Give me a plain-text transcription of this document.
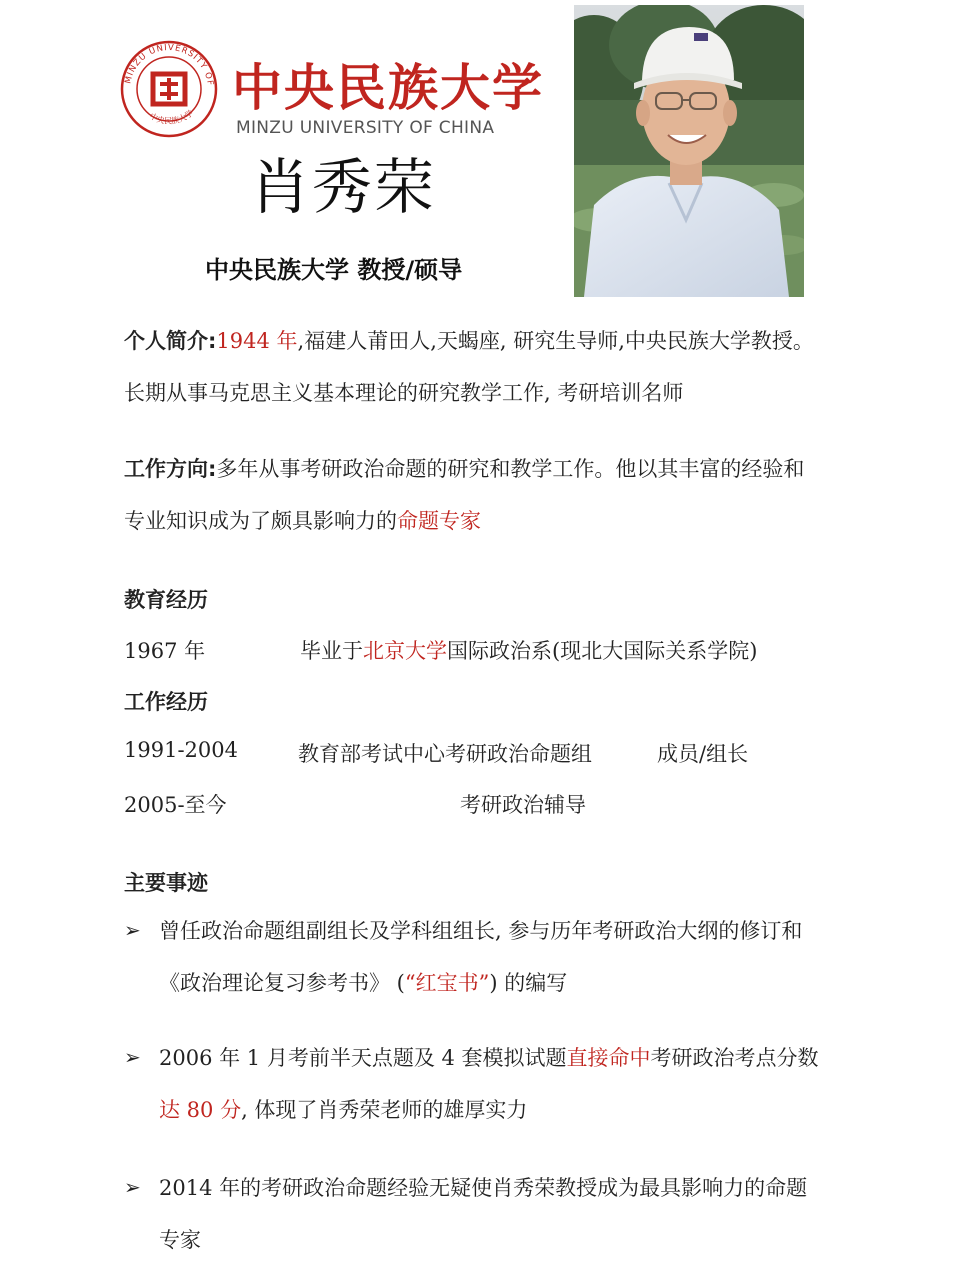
MINZU UNIVERSITY OF
中央民族大学 中央民族大学
MINZU UNIVERSITY OF CHINA
肖秀荣
中央民族大学 教授/硕导
个人简介:1944 年,福建人莆田人,天蝎座, 研究生导师,中央民族大学教授。长期从事马克思主义基本理论的研究教学工作, 考研培训名师
工作方向:多年从事考研政治命题的研究和教学工作。他以其丰富的经验和专业知识成为了颇具影响力的命题专家
教育经历
1967 年	毕业于北京大学国际政治系(现北大国际关系学院)
工作经历
1991-2004	教育部考试中心考研政治命题组	成员/组长
2005-至今	考研政治辅导
主要事迹
➢ 曾任政治命题组副组长及学科组组长, 参与历年考研政治大纲的修订和《政治理论复习参考书》 (“红宝书”) 的编写
➢ 2006 年 1 月考前半天点题及 4 套模拟试题直接命中考研政治考点分数达 80 分, 体现了肖秀荣老师的雄厚实力
➢ 2014 年的考研政治命题经验无疑使肖秀荣教授成为最具影响力的命题专家
